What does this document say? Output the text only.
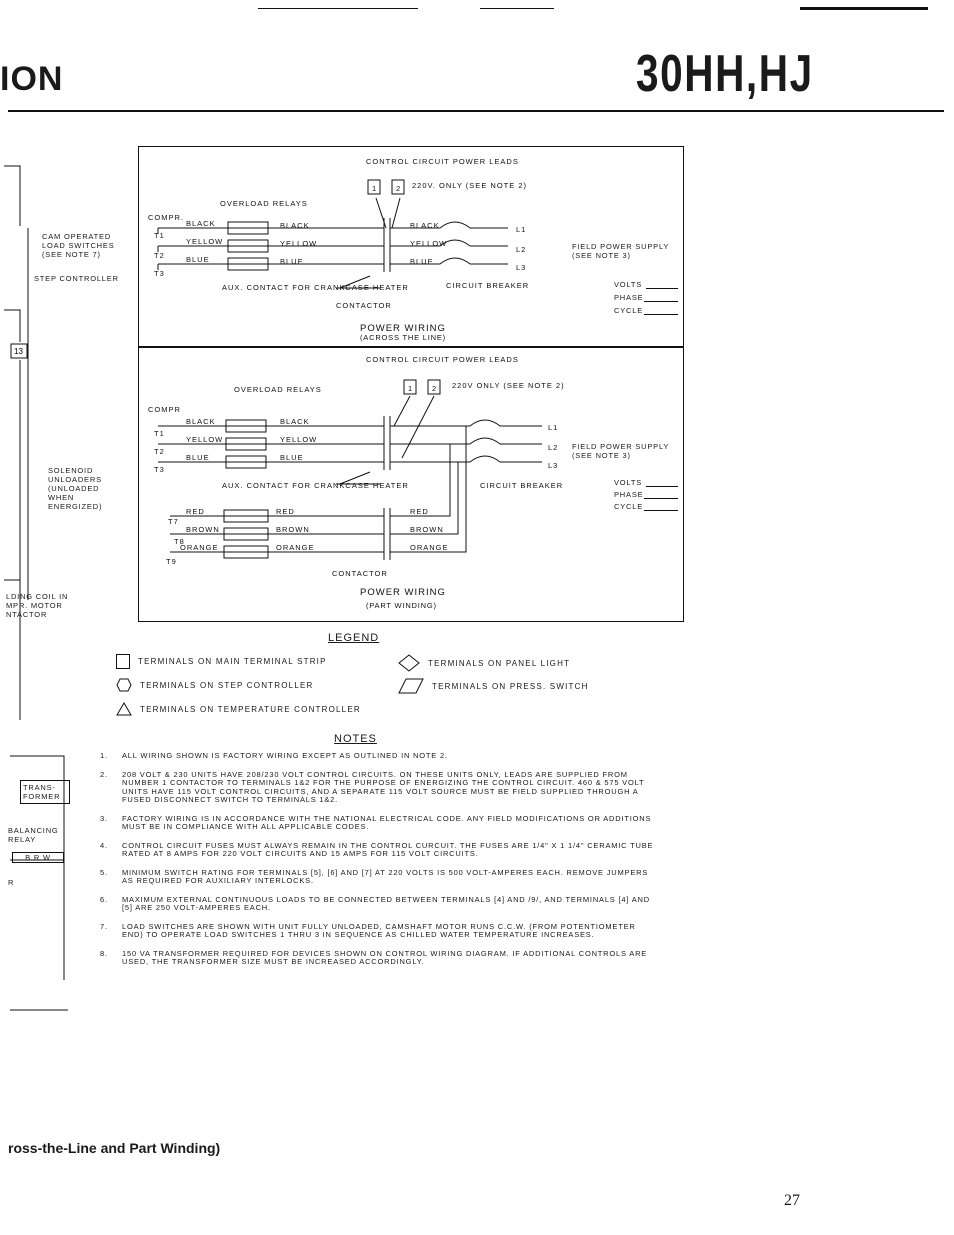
ION	30HH,HJ
13
CAM OPERATED LOAD SWITCHES (SEE NOTE 7)
STEP CONTROLLER
SOLENOID UNLOADERS (UNLOADED WHEN ENERGIZED)
LDING COIL IN MPR. MOTOR NTACTOR
TRANS- FORMER
BALANCING RELAY
B R W
R
CONTROL CIRCUIT POWER LEADS
1	2 220V. ONLY (SEE NOTE 2)
OVERLOAD RELAYS
COMPR.
BLACK	BLACK	BLACK
YELLOW	YELLOW	YELLOW
BLUE	BLUE	BLUE
T1
T2
T3
L1
L2
L3
AUX. CONTACT FOR CRANKCASE HEATER
CONTACTOR
CIRCUIT BREAKER
POWER WIRING
(ACROSS THE LINE)
FIELD POWER SUPPLY (SEE NOTE 3)
VOLTS
PHASE
CYCLE
CONTROL CIRCUIT POWER LEADS
1	2 220V ONLY (SEE NOTE 2)
OVERLOAD RELAYS
COMPR
BLACK	BLACK
YELLOW	YELLOW
BLUE	BLUE
T1
T2
T3
L1
L2
L3
AUX. CONTACT FOR CRANKCASE HEATER	CIRCUIT BREAKER
RED	RED	RED
BROWN	BROWN	BROWN
ORANGE	ORANGE	ORANGE
T7
T8
T9
CONTACTOR
POWER WIRING
(PART WINDING)
FIELD POWER SUPPLY (SEE NOTE 3)
VOLTS
PHASE
CYCLE
LEGEND
TERMINALS ON MAIN TERMINAL STRIP
TERMINALS ON STEP CONTROLLER
TERMINALS ON TEMPERATURE CONTROLLER
TERMINALS ON PANEL LIGHT
TERMINALS ON PRESS. SWITCH
NOTES
1.	ALL WIRING SHOWN IS FACTORY WIRING EXCEPT AS OUTLINED IN NOTE 2.
2.	208 VOLT & 230 UNITS HAVE 208/230 VOLT CONTROL CIRCUITS. ON THESE UNITS ONLY, LEADS ARE SUPPLIED FROM NUMBER 1 CONTACTOR TO TERMINALS 1&2 FOR THE PURPOSE OF ENERGIZING THE CONTROL CIRCUIT. 460 & 575 VOLT UNITS HAVE 115 VOLT CONTROL CIRCUITS, AND A SEPARATE 115 VOLT SOURCE MUST BE FIELD SUPPLIED THROUGH A FUSED DISCONNECT SWITCH TO TERMINALS 1&2.
3.	FACTORY WIRING IS IN ACCORDANCE WITH THE NATIONAL ELECTRICAL CODE. ANY FIELD MODIFICATIONS OR ADDITIONS MUST BE IN COMPLIANCE WITH ALL APPLICABLE CODES.
4.	CONTROL CIRCUIT FUSES MUST ALWAYS REMAIN IN THE CONTROL CURCUIT. THE FUSES ARE 1/4" X 1 1/4" CERAMIC TUBE RATED AT 8 AMPS FOR 220 VOLT CIRCUITS AND 15 AMPS FOR 115 VOLT CIRCUITS.
5.	MINIMUM SWITCH RATING FOR TERMINALS [5], [6] AND [7] AT 220 VOLTS IS 500 VOLT-AMPERES EACH. REMOVE JUMPERS AS REQUIRED FOR AUXILIARY INTERLOCKS.
6.	MAXIMUM EXTERNAL CONTINUOUS LOADS TO BE CONNECTED BETWEEN TERMINALS [4] AND /9/, AND TERMINALS [4] AND [5] ARE 250 VOLT-AMPERES EACH.
7.	LOAD SWITCHES ARE SHOWN WITH UNIT FULLY UNLOADED, CAMSHAFT MOTOR RUNS C.C.W. (FROM POTENTIOMETER END) TO OPERATE LOAD SWITCHES 1 THRU 3 IN SEQUENCE AS CHILLED WATER TEMPERATURE INCREASES.
8.	150 VA TRANSFORMER REQUIRED FOR DEVICES SHOWN ON CONTROL WIRING DIAGRAM. IF ADDITIONAL CONTROLS ARE USED, THE TRANSFORMER SIZE MUST BE INCREASED ACCORDINGLY.
ross-the-Line and Part Winding)
27
